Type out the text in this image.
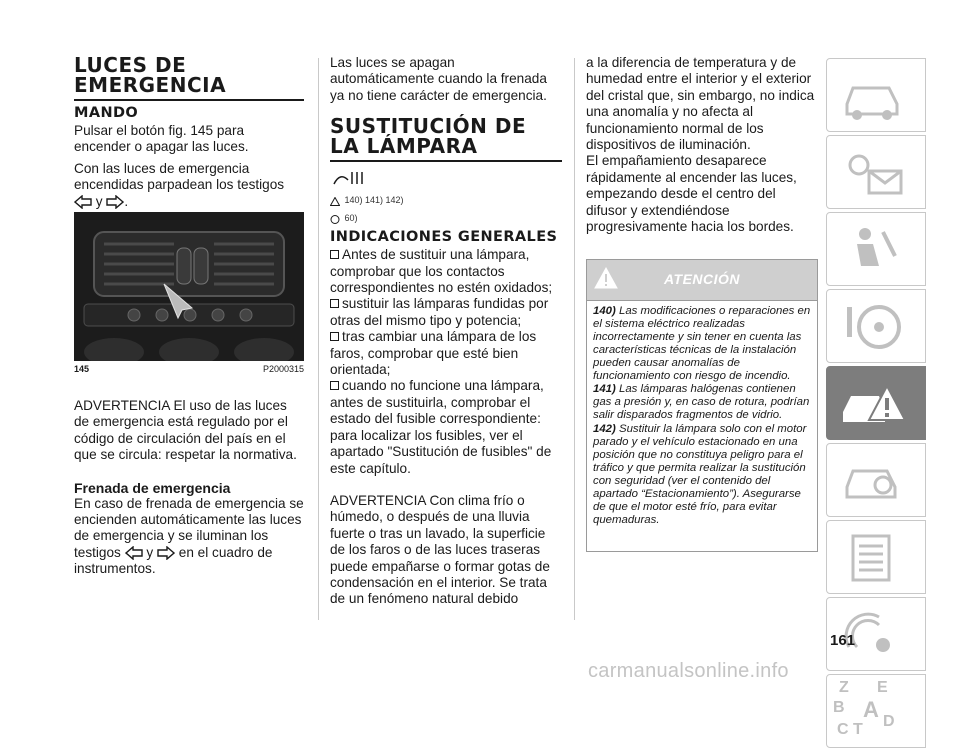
LUCES DE EMERGENCIA
MANDO

Pulsar el botón fig. 145 para encender o apagar las luces.

Con las luces de emergencia encendidas parpadean los testigos  y .

145	P2000315

ADVERTENCIA El uso de las luces de emergencia está regulado por el código de circulación del país en el que se circula: respetar la normativa.

Frenada de emergencia

En caso de frenada de emergencia se encienden automáticamente las luces de emergencia y se iluminan los testigos y en el cuadro de instrumentos.

Las luces se apagan automáticamente cuando la frenada ya no tiene carácter de emergencia.

SUSTITUCIÓN DE LA LÁMPARA
140) 141) 142)
60)
INDICACIONES GENERALES

Antes de sustituir una lámpara, comprobar que los contactos correspondientes no estén oxidados;

sustituir las lámparas fundidas por otras del mismo tipo y potencia;

tras cambiar una lámpara de los faros, comprobar que esté bien orientada;

cuando no funcione una lámpara, antes de sustituirla, comprobar el estado del fusible correspondiente: para localizar los fusibles, ver el apartado "Sustitución de fusibles" de este capítulo.

ADVERTENCIA Con clima frío o húmedo, o después de una lluvia fuerte o tras un lavado, la superficie de los faros o de las luces traseras puede empañarse o formar gotas de condensación en el interior. Se trata de un fenómeno natural debido

a la diferencia de temperatura y de humedad entre el interior y el exterior del cristal que, sin embargo, no indica una anomalía y no afecta al funcionamiento normal de los dispositivos de iluminación.

El empañamiento desaparece rápidamente al encender las luces, empezando desde el centro del difusor y extendiéndose progresivamente hacia los bordes.

ATENCIÓN

140) Las modificaciones o reparaciones en el sistema eléctrico realizadas incorrectamente y sin tener en cuenta las características técnicas de la instalación pueden causar anomalías de funcionamiento con riesgo de incendio.

141) Las lámparas halógenas contienen gas a presión y, en caso de rotura, podrían salir disparados fragmentos de vidrio.

142) Sustituir la lámpara solo con el motor parado y el vehículo estacionado en una posición que no constituya peligro para el tráfico y que permita realizar la sustitución con seguridad (ver el contenido del apartado “Estacionamiento”). Asegurarse de que el motor esté frío, para evitar quemaduras.

Z E
B A
C T D
161
carmanualsonline.info
